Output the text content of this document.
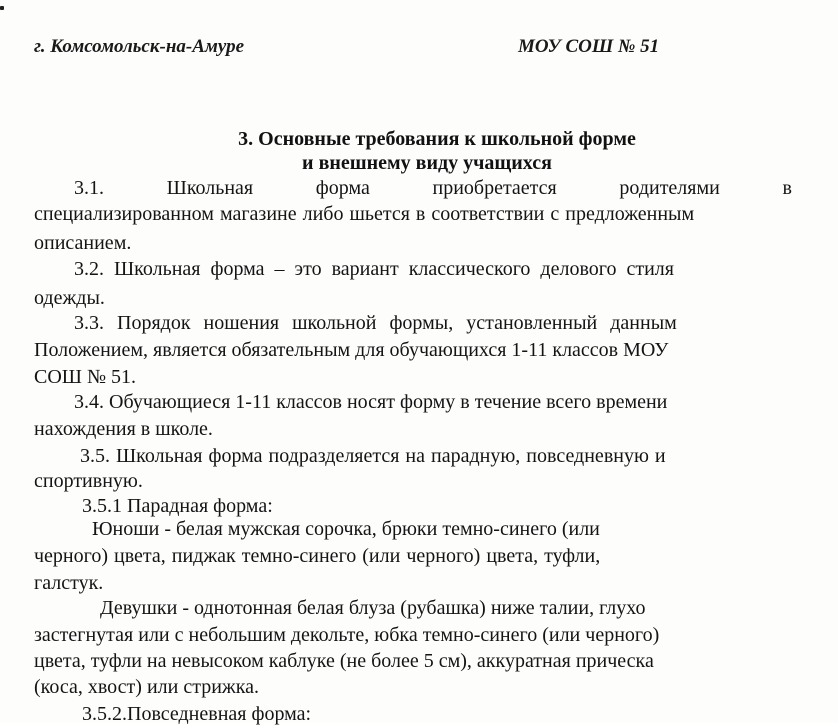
г. Комсомольск-на-Амуре	МОУ СОШ № 51
3. Основные требования к школьной форме
и внешнему виду учащихся
3.1.	Школьная	форма	приобретается	родителями	в
специализированном магазине либо шьется в соответствии с предложенным
описанием.
3.2. Школьная форма – это вариант классического делового стиля
одежды.
3.3. Порядок ношения школьной формы, установленный данным
Положением, является обязательным для обучающихся 1-11 классов МОУ
СОШ № 51.
3.4. Обучающиеся 1-11 классов носят форму в течение всего времени
нахождения в школе.
3.5. Школьная форма подразделяется на парадную, повседневную и
спортивную.
3.5.1 Парадная форма:
Юноши - белая мужская сорочка, брюки темно-синего (или
черного) цвета, пиджак темно-синего (или черного) цвета, туфли,
галстук.
Девушки - однотонная белая блуза (рубашка) ниже талии, глухо
застегнутая или с небольшим декольте, юбка темно-синего (или черного)
цвета, туфли на невысоком каблуке (не более 5 см), аккуратная прическа
(коса, хвост) или стрижка.
3.5.2.Повседневная форма:
